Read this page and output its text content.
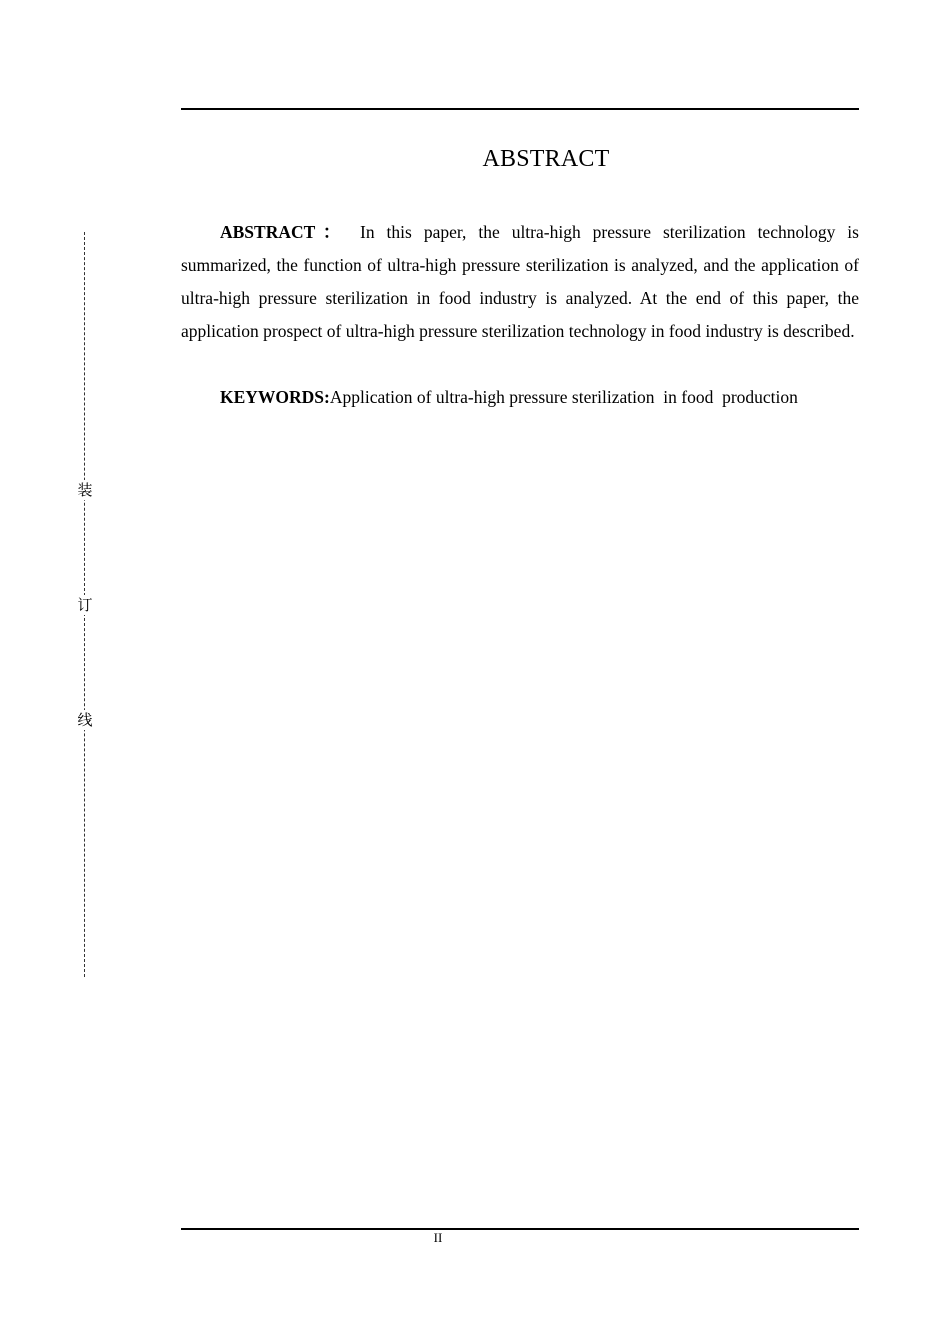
ABSTRACT

ABSTRACT： In this paper, the ultra-high pressure sterilization technology is summarized, the function of ultra-high pressure sterilization is analyzed, and the application of ultra-high pressure sterilization in food industry is analyzed. At the end of this paper, the application prospect of ultra-high pressure sterilization technology in food industry is described.

KEYWORDS:Application of ultra-high pressure sterilization  in food  production

装
订
线
II
